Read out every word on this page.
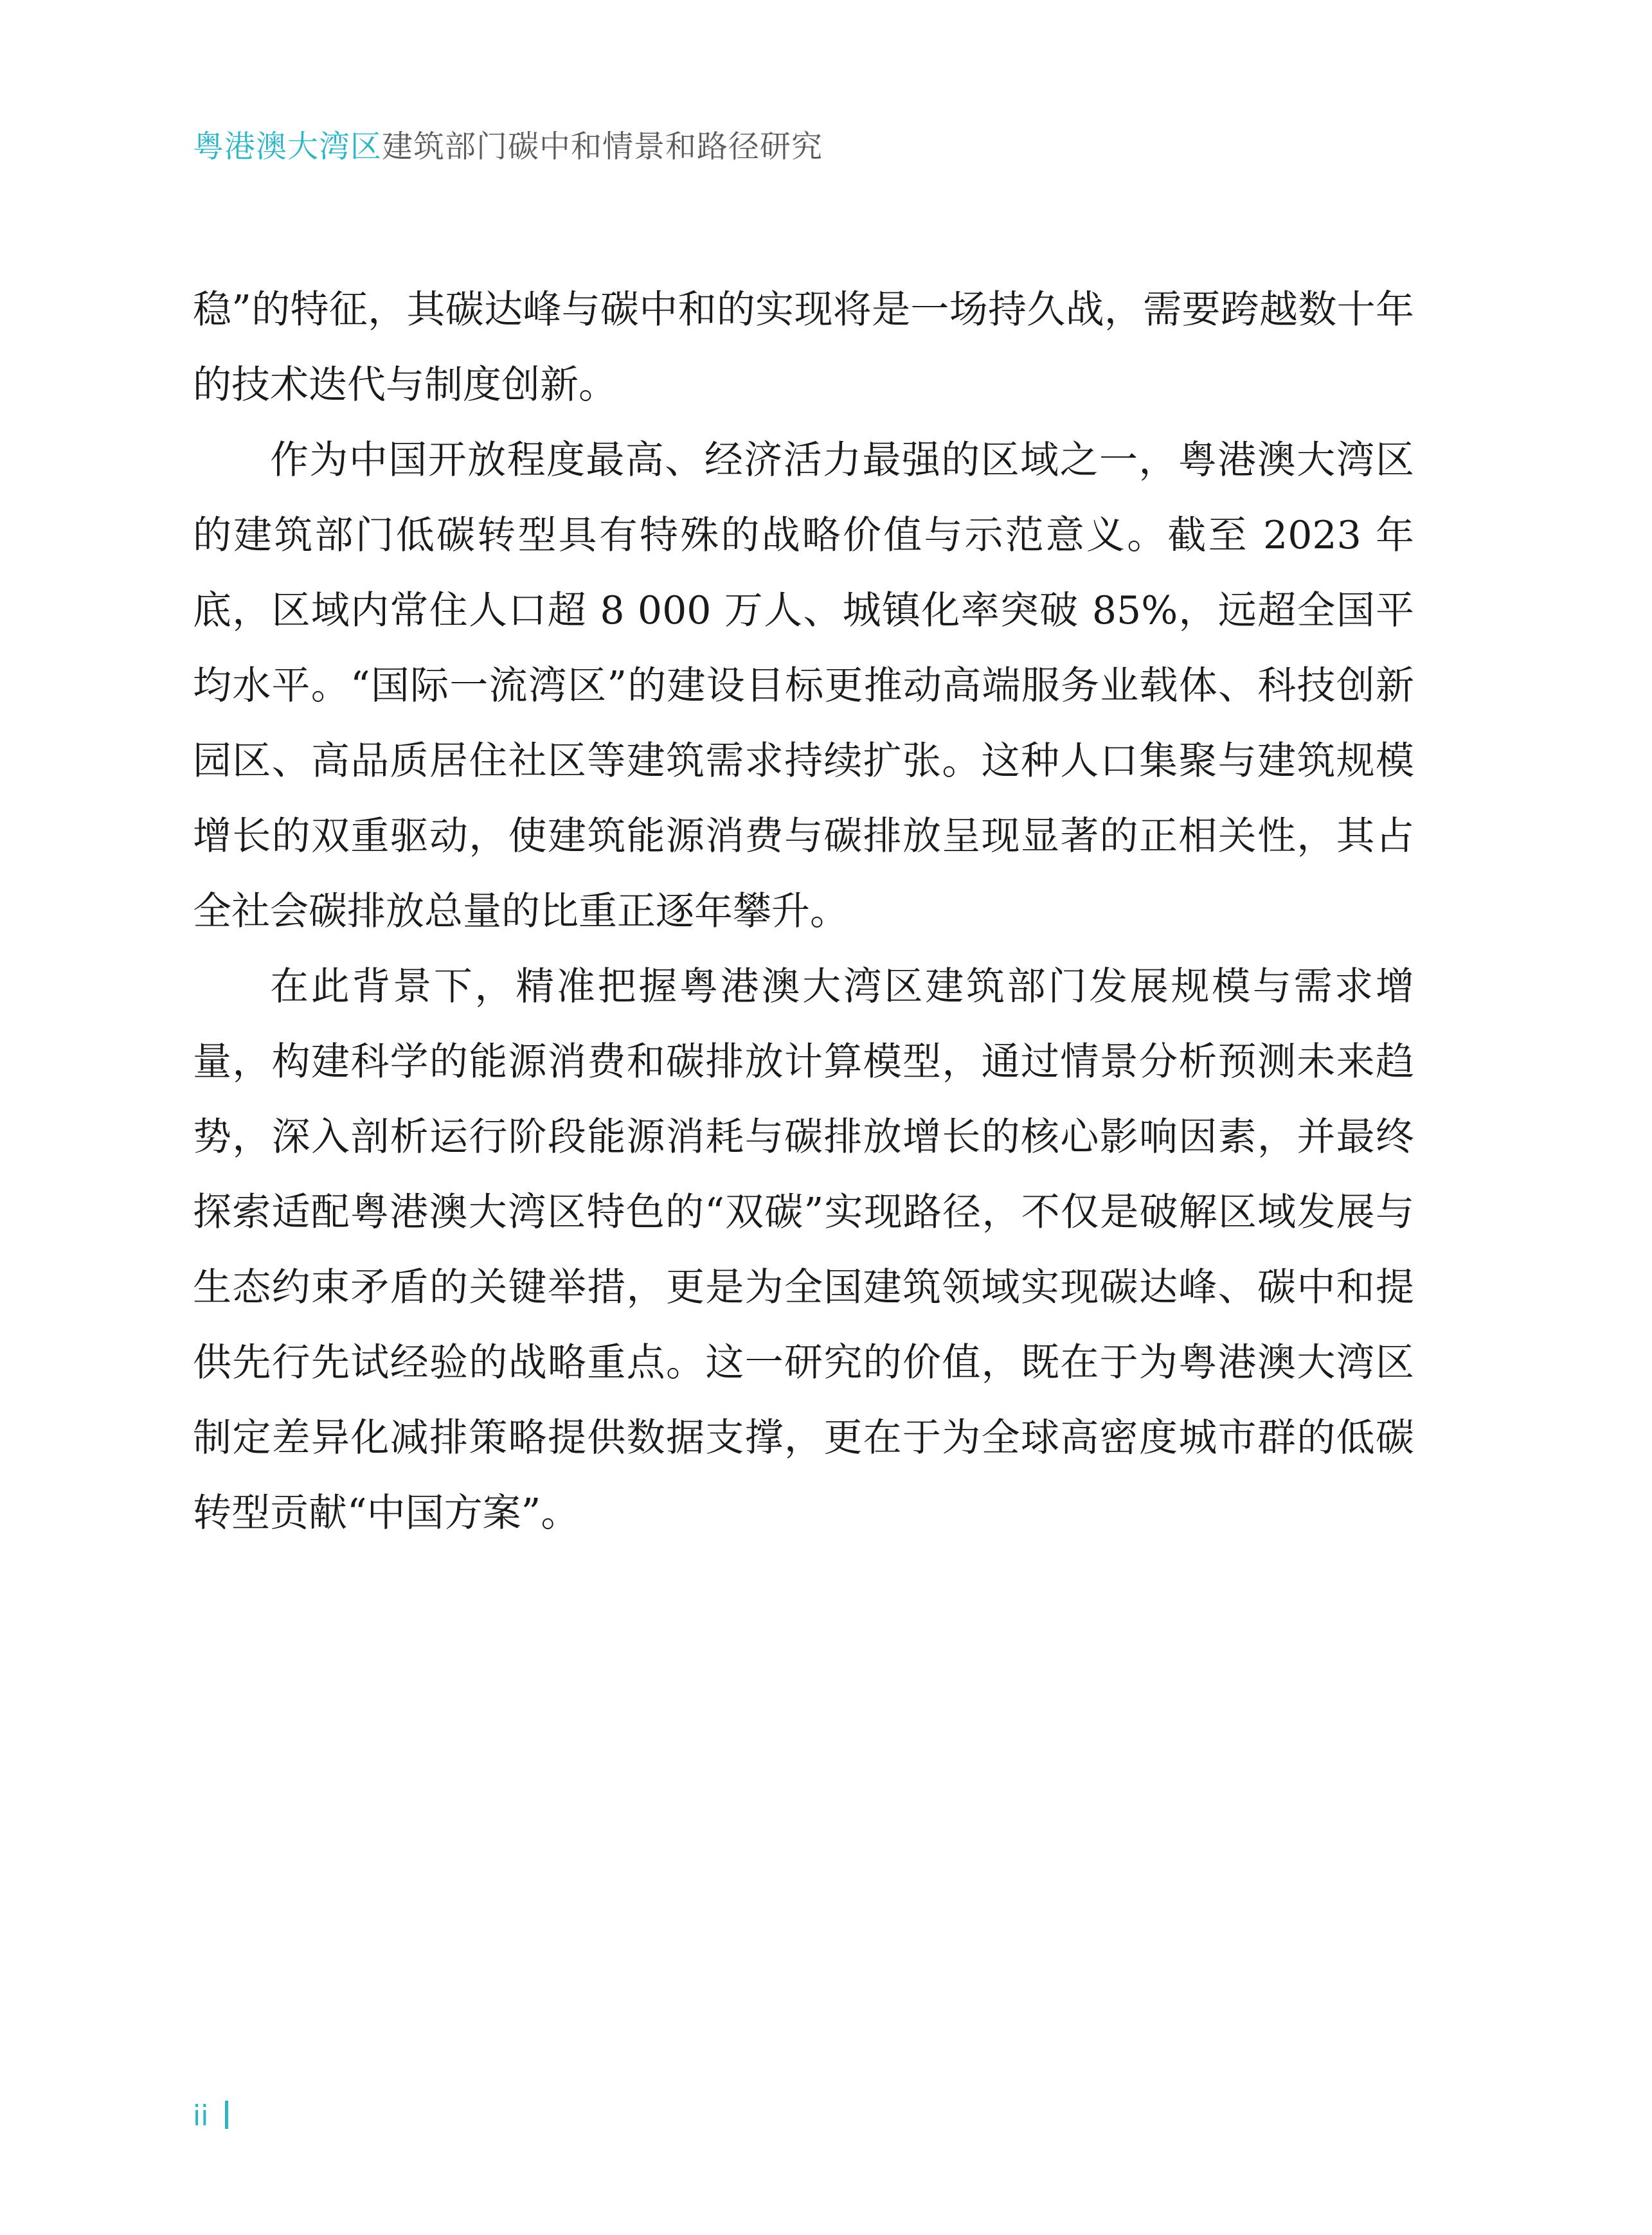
粤港澳大湾区建筑部门碳中和情景和路径研究

稳”的特征，其碳达峰与碳中和的实现将是一场持久战，需要跨越数十年的技术迭代与制度创新。

作为中国开放程度最高、经济活力最强的区域之一，粤港澳大湾区的建筑部门低碳转型具有特殊的战略价值与示范意义。截至 2023 年底，区域内常住人口超 8 000 万人、城镇化率突破 85%，远超全国平均水平。“国际一流湾区”的建设目标更推动高端服务业载体、科技创新园区、高品质居住社区等建筑需求持续扩张。这种人口集聚与建筑规模增长的双重驱动，使建筑能源消费与碳排放呈现显著的正相关性，其占全社会碳排放总量的比重正逐年攀升。

在此背景下，精准把握粤港澳大湾区建筑部门发展规模与需求增量，构建科学的能源消费和碳排放计算模型，通过情景分析预测未来趋势，深入剖析运行阶段能源消耗与碳排放增长的核心影响因素，并最终探索适配粤港澳大湾区特色的“双碳”实现路径，不仅是破解区域发展与生态约束矛盾的关键举措，更是为全国建筑领域实现碳达峰、碳中和提供先行先试经验的战略重点。这一研究的价值，既在于为粤港澳大湾区制定差异化减排策略提供数据支撑，更在于为全球高密度城市群的低碳转型贡献“中国方案”。

ii
